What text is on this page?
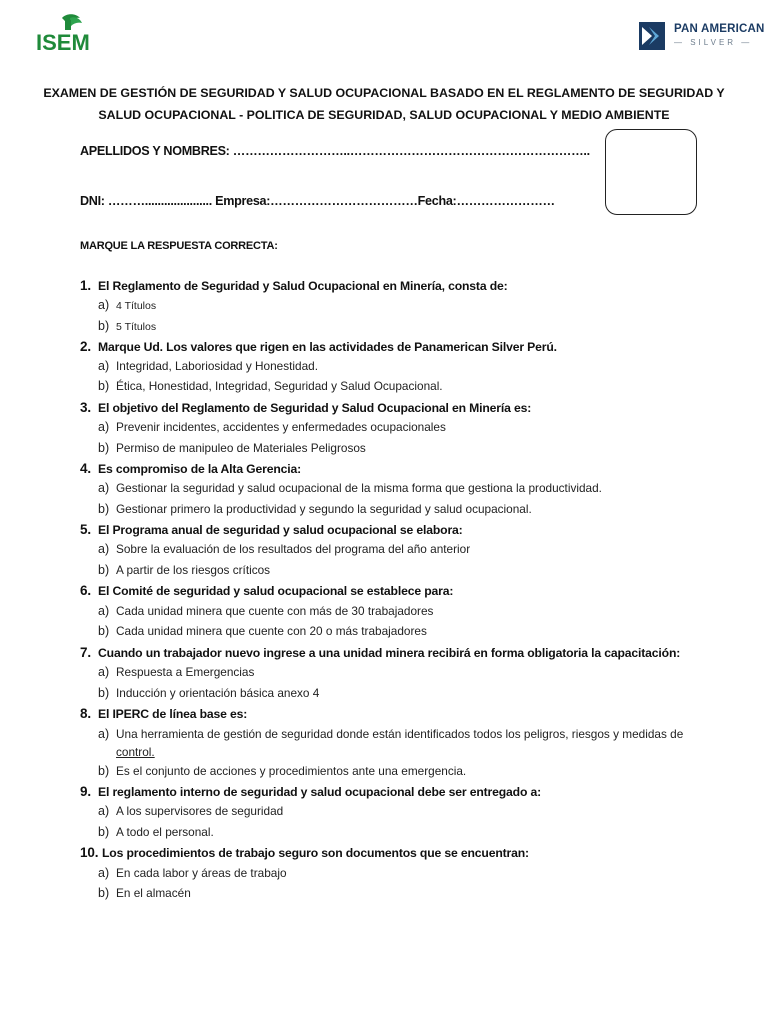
ISEM
PAN AMERICAN
— SILVER —
EXAMEN DE GESTIÓN DE SEGURIDAD Y SALUD OCUPACIONAL BASADO EN EL REGLAMENTO DE SEGURIDAD Y
SALUD OCUPACIONAL - POLITICA DE SEGURIDAD, SALUD OCUPACIONAL Y MEDIO AMBIENTE
APELLIDOS Y NOMBRES: ………………………..…………………………………………………..
DNI: ………..................... Empresa:………………………………Fecha:……………………
MARQUE LA RESPUESTA CORRECTA:
1. El Reglamento de Seguridad y Salud Ocupacional en Minería, consta de:
a) 4 Títulos
b) 5 Títulos
2. Marque Ud. Los valores que rigen en las actividades de Panamerican Silver Perú.
a) Integridad, Laboriosidad y Honestidad.
b) Ética, Honestidad, Integridad, Seguridad y Salud Ocupacional.
3. El objetivo del Reglamento de Seguridad y Salud Ocupacional en Minería es:
a) Prevenir incidentes, accidentes y enfermedades ocupacionales
b) Permiso de manipuleo de Materiales Peligrosos
4. Es compromiso de la Alta Gerencia:
a) Gestionar la seguridad y salud ocupacional de la misma forma que gestiona la productividad.
b) Gestionar primero la productividad y segundo la seguridad y salud ocupacional.
5. El Programa anual de seguridad y salud ocupacional se elabora:
a) Sobre la evaluación de los resultados del programa del año anterior
b) A partir de los riesgos críticos
6. El Comité de seguridad y salud ocupacional se establece para:
a) Cada unidad minera que cuente con más de 30 trabajadores
b) Cada unidad minera que cuente con 20 o más trabajadores
7. Cuando un trabajador nuevo ingrese a una unidad minera recibirá en forma obligatoria la capacitación:
a) Respuesta a Emergencias
b) Inducción y orientación básica anexo 4
8. El IPERC de línea base es:
a) Una herramienta de gestión de seguridad donde están identificados todos los peligros, riesgos y medidas de
control.
b) Es el conjunto de acciones y procedimientos ante una emergencia.
9. El reglamento interno de seguridad y salud ocupacional debe ser entregado a:
a) A los supervisores de seguridad
b) A todo el personal.
10. Los procedimientos de trabajo seguro son documentos que se encuentran:
a) En cada labor y áreas de trabajo
b) En el almacén
